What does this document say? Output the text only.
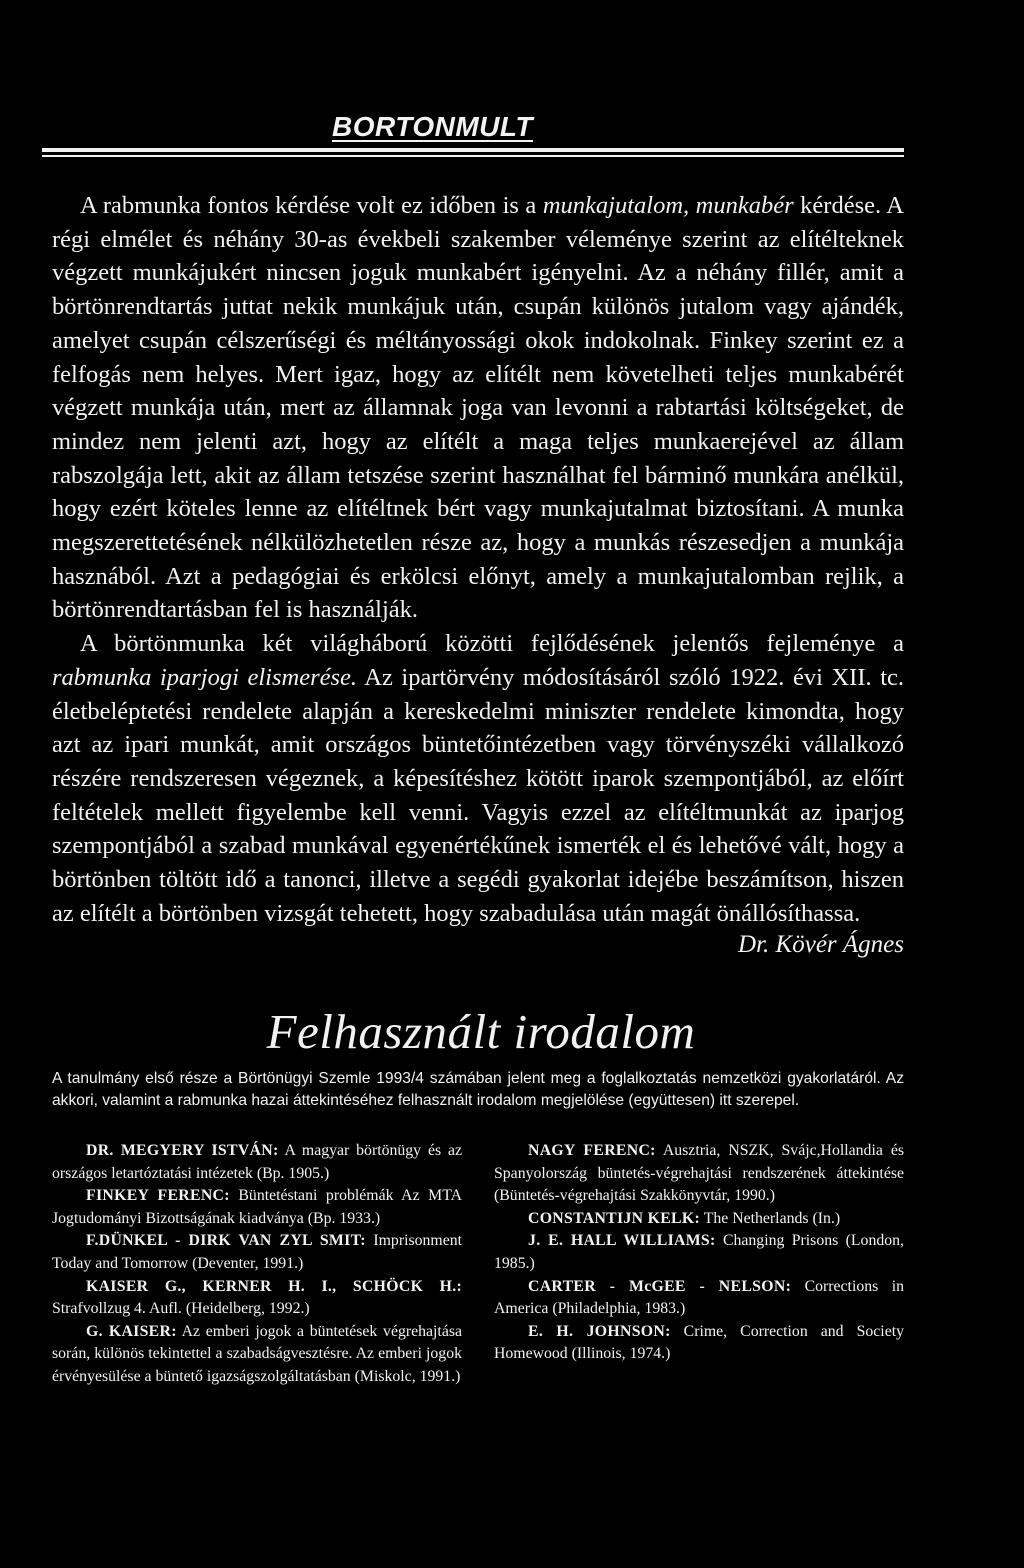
BORTONMULT

A rabmunka fontos kérdése volt ez időben is a munkajutalom, munkabér kérdése. A régi elmélet és néhány 30-as évekbeli szakember véleménye szerint az elítélteknek végzett munkájukért nincsen joguk munkabért igényelni. Az a néhány fillér, amit a börtönrendtartás juttat nekik munkájuk után, csupán különös jutalom vagy ajándék, amelyet csupán célszerűségi és méltányossági okok indokolnak. Finkey szerint ez a felfogás nem helyes. Mert igaz, hogy az elítélt nem követelheti teljes munkabérét végzett munkája után, mert az államnak joga van levonni a rabtartási költségeket, de mindez nem jelenti azt, hogy az elítélt a maga teljes munkaerejével az állam rabszolgája lett, akit az állam tetszése szerint használhat fel bárminő munkára anélkül, hogy ezért köteles lenne az elítéltnek bért vagy munkajutalmat biztosítani. A munka megszerettetésének nélkülözhetetlen része az, hogy a munkás részesedjen a munkája hasznából. Azt a pedagógiai és erkölcsi előnyt, amely a munkajutalomban rejlik, a börtönrendtartásban fel is használják.

A börtönmunka két világháború közötti fejlődésének jelentős fejleménye a rabmunka iparjogi elismerése. Az ipartörvény módosításáról szóló 1922. évi XII. tc. életbeléptetési rendelete alapján a kereskedelmi miniszter rendelete kimondta, hogy azt az ipari munkát, amit országos büntetőintézetben vagy törvényszéki vállalkozó részére rendszeresen végeznek, a képesítéshez kötött iparok szempontjából, az előírt feltételek mellett figyelembe kell venni. Vagyis ezzel az elítéltmunkát az iparjog szempontjából a szabad munkával egyenértékűnek ismerték el és lehetővé vált, hogy a börtönben töltött idő a tanonci, illetve a segédi gyakorlat idejébe beszámítson, hiszen az elítélt a börtönben vizsgát tehetett, hogy szabadulása után magát önállósíthassa.

Dr. Kövér Ágnes
Felhasznált irodalom

A tanulmány első része a Börtönügyi Szemle 1993/4 számában jelent meg a foglalkoztatás nemzetközi gyakorlatáról. Az akkori, valamint a rabmunka hazai áttekintéséhez felhasznált irodalom megjelölése (együttesen) itt szerepel.

DR. MEGYERY ISTVÁN: A magyar börtönügy és az országos letartóztatási intézetek (Bp. 1905.)
FINKEY FERENC: Büntetéstani problémák Az MTA Jogtudományi Bizottságának kiadványa (Bp. 1933.)
F.DÜNKEL - DIRK VAN ZYL SMIT: Imprisonment Today and Tomorrow (Deventer, 1991.)
KAISER G., KERNER H. I., SCHÖCK H.: Strafvollzug 4. Aufl. (Heidelberg, 1992.)
G. KAISER: Az emberi jogok a büntetések végrehajtása során, különös tekintettel a szabadságvesztésre. Az emberi jogok érvényesülése a büntető igazságszolgáltatásban (Miskolc, 1991.)
NAGY FERENC: Ausztria, NSZK, Svájc,Hollandia és Spanyolország büntetés-végrehajtási rendszerének áttekintése (Büntetés-végrehajtási Szakkönyvtár, 1990.)
CONSTANTIJN KELK: The Netherlands (In.)
J. E. HALL WILLIAMS: Changing Prisons (London, 1985.)
CARTER - McGEE - NELSON: Corrections in America (Philadelphia, 1983.)
E. H. JOHNSON: Crime, Correction and Society Homewood (Illinois, 1974.)
